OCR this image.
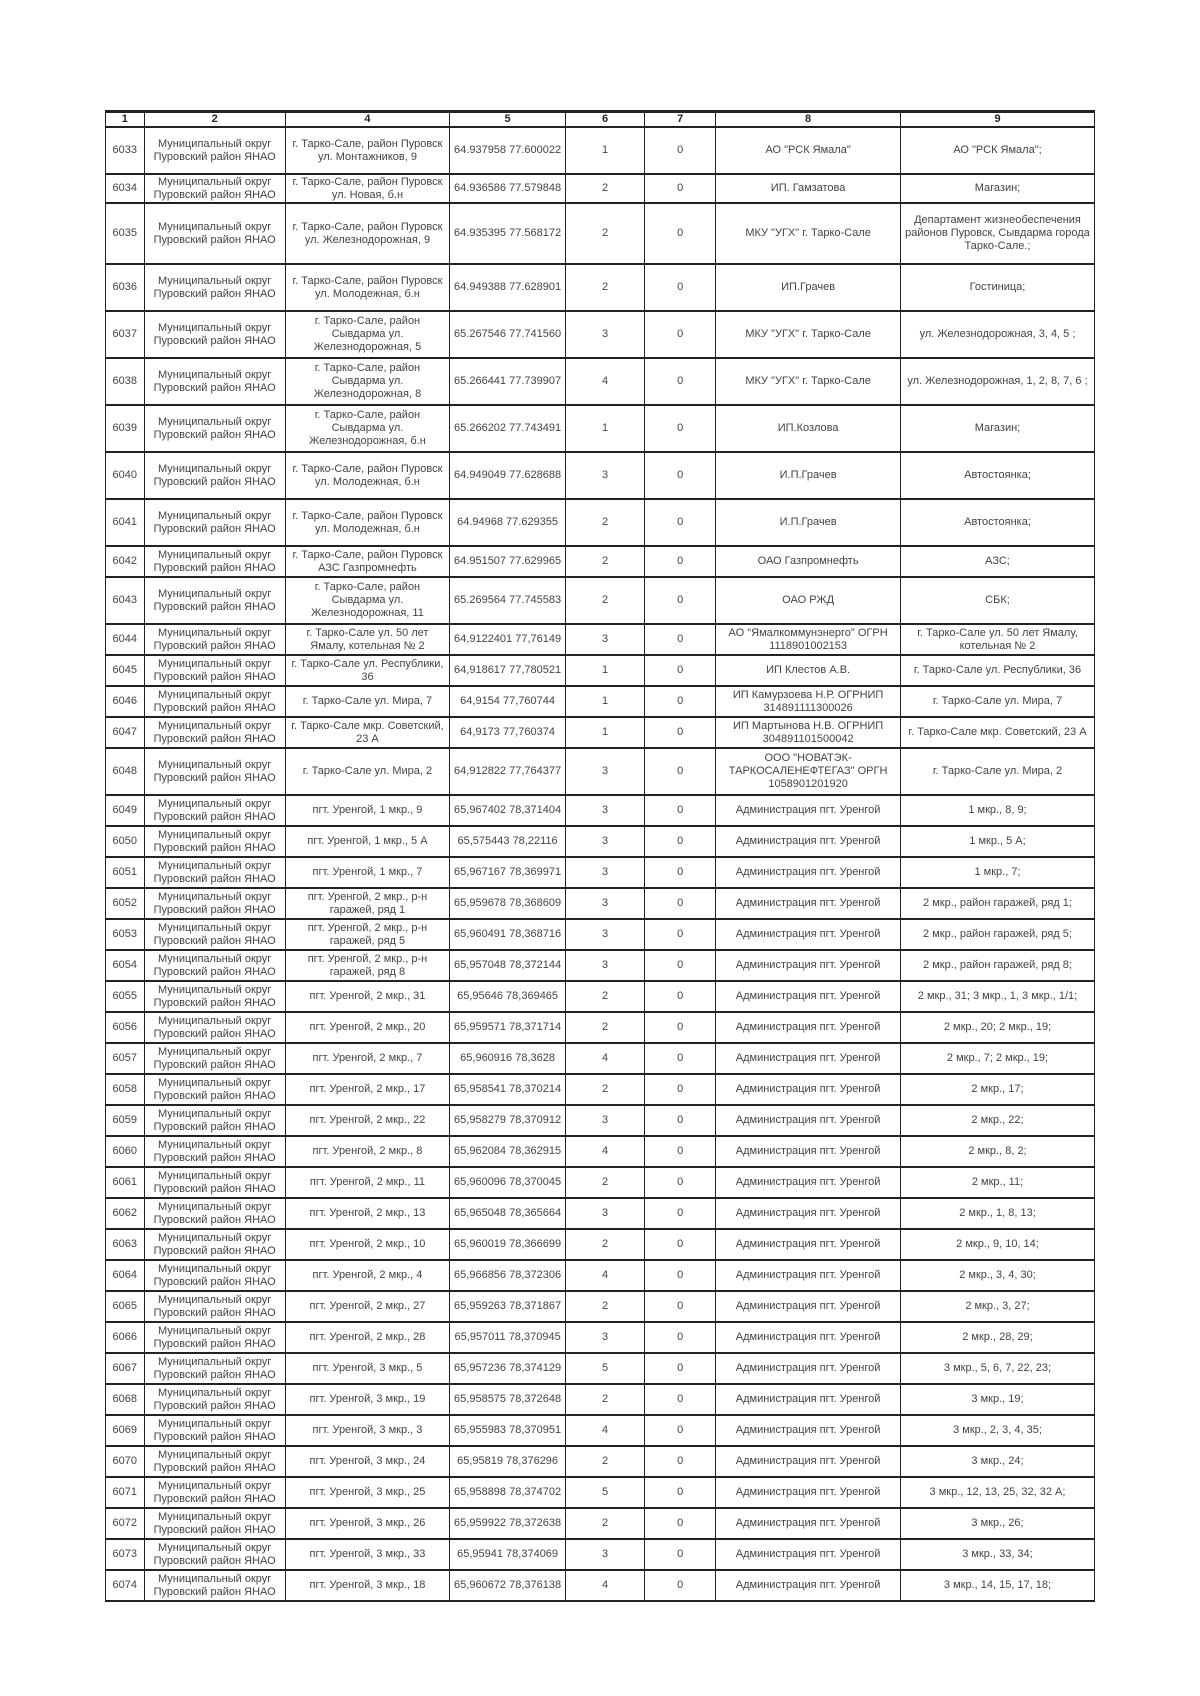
1	2	4	5	6	7	8	9
6033	Муниципальный округ Пуровский район ЯНАО	г. Тарко-Сале, район Пуровск ул. Монтажников, 9	64.937958 77.600022	1	0	АО "РСК Ямала"	АО "РСК Ямала";
6034	Муниципальный округ Пуровский район ЯНАО	г. Тарко-Сале, район Пуровск ул. Новая, б.н	64.936586 77.579848	2	0	ИП. Гамзатова	Магазин;
6035	Муниципальный округ Пуровский район ЯНАО	г. Тарко-Сале, район Пуровск ул. Железнодорожная, 9	64.935395 77.568172	2	0	МКУ "УГХ" г. Тарко-Сале	Департамент жизнеобеспечения районов Пуровск, Сывдарма города Тарко-Сале.;
6036	Муниципальный округ Пуровский район ЯНАО	г. Тарко-Сале, район Пуровск ул. Молодежная, б.н	64.949388 77.628901	2	0	ИП.Грачев	Гостиница;
6037	Муниципальный округ Пуровский район ЯНАО	г. Тарко-Сале, район Сывдарма ул. Железнодорожная, 5	65.267546 77.741560	3	0	МКУ "УГХ" г. Тарко-Сале	ул. Железнодорожная, 3, 4, 5 ;
6038	Муниципальный округ Пуровский район ЯНАО	г. Тарко-Сале, район Сывдарма ул. Железнодорожная, 8	65.266441 77.739907	4	0	МКУ "УГХ" г. Тарко-Сале	ул. Железнодорожная, 1, 2, 8, 7, 6 ;
6039	Муниципальный округ Пуровский район ЯНАО	г. Тарко-Сале, район Сывдарма ул. Железнодорожная, б.н	65.266202 77.743491	1	0	ИП.Козлова	Магазин;
6040	Муниципальный округ Пуровский район ЯНАО	г. Тарко-Сале, район Пуровск ул. Молодежная, б.н	64.949049 77.628688	3	0	И.П.Грачев	Автостоянка;
6041	Муниципальный округ Пуровский район ЯНАО	г. Тарко-Сале, район Пуровск ул. Молодежная, б.н	64.94968 77.629355	2	0	И.П.Грачев	Автостоянка;
6042	Муниципальный округ Пуровский район ЯНАО	г. Тарко-Сале, район Пуровск АЗС Газпромнефть	64.951507 77.629965	2	0	ОАО Газпромнефть	АЗС;
6043	Муниципальный округ Пуровский район ЯНАО	г. Тарко-Сале, район Сывдарма ул. Железнодорожная, 11	65.269564 77.745583	2	0	ОАО РЖД	СБК;
6044	Муниципальный округ Пуровский район ЯНАО	г. Тарко-Сале ул. 50 лет Ямалу, котельная № 2	64,9122401 77,76149	3	0	АО "Ямалкоммунэнерго" ОГРН 1118901002153	г. Тарко-Сале ул. 50 лет Ямалу, котельная № 2
6045	Муниципальный округ Пуровский район ЯНАО	г. Тарко-Сале ул. Республики, 36	64,918617 77,780521	1	0	ИП Клестов А.В.	г. Тарко-Сале ул. Республики, 36
6046	Муниципальный округ Пуровский район ЯНАО	г. Тарко-Сале ул. Мира, 7	64,9154 77,760744	1	0	ИП Камурзоева Н.Р. ОГРНИП 314891111300026	г. Тарко-Сале ул. Мира, 7
6047	Муниципальный округ Пуровский район ЯНАО	г. Тарко-Сале мкр. Советский, 23 А	64,9173 77,760374	1	0	ИП Мартынова Н.В. ОГРНИП 304891101500042	г. Тарко-Сале мкр. Советский, 23 А
6048	Муниципальный округ Пуровский район ЯНАО	г. Тарко-Сале ул. Мира, 2	64,912822 77,764377	3	0	ООО "НОВАТЭК-ТАРКОСАЛЕНЕФТЕГАЗ" ОРГН 1058901201920	г. Тарко-Сале ул. Мира, 2
6049	Муниципальный округ Пуровский район ЯНАО	пгт. Уренгой, 1 мкр., 9	65,967402 78,371404	3	0	Администрация пгт. Уренгой	1 мкр., 8, 9;
6050	Муниципальный округ Пуровский район ЯНАО	пгт. Уренгой, 1 мкр., 5 А	65,575443 78,22116	3	0	Администрация пгт. Уренгой	1 мкр., 5 А;
6051	Муниципальный округ Пуровский район ЯНАО	пгт. Уренгой, 1 мкр., 7	65,967167 78,369971	3	0	Администрация пгт. Уренгой	1 мкр., 7;
6052	Муниципальный округ Пуровский район ЯНАО	пгт. Уренгой, 2 мкр., р-н гаражей, ряд 1	65,959678 78,368609	3	0	Администрация пгт. Уренгой	2 мкр., район гаражей, ряд 1;
6053	Муниципальный округ Пуровский район ЯНАО	пгт. Уренгой, 2 мкр., р-н гаражей, ряд 5	65,960491 78,368716	3	0	Администрация пгт. Уренгой	2 мкр., район гаражей, ряд 5;
6054	Муниципальный округ Пуровский район ЯНАО	пгт. Уренгой, 2 мкр., р-н гаражей, ряд 8	65,957048 78,372144	3	0	Администрация пгт. Уренгой	2 мкр., район гаражей, ряд 8;
6055	Муниципальный округ Пуровский район ЯНАО	пгт. Уренгой, 2 мкр., 31	65,95646 78,369465	2	0	Администрация пгт. Уренгой	2 мкр., 31; 3 мкр., 1, 3 мкр., 1/1;
6056	Муниципальный округ Пуровский район ЯНАО	пгт. Уренгой, 2 мкр., 20	65,959571 78,371714	2	0	Администрация пгт. Уренгой	2 мкр., 20; 2 мкр., 19;
6057	Муниципальный округ Пуровский район ЯНАО	пгт. Уренгой, 2 мкр., 7	65,960916 78,3628	4	0	Администрация пгт. Уренгой	2 мкр., 7; 2 мкр., 19;
6058	Муниципальный округ Пуровский район ЯНАО	пгт. Уренгой, 2 мкр., 17	65,958541 78,370214	2	0	Администрация пгт. Уренгой	2 мкр., 17;
6059	Муниципальный округ Пуровский район ЯНАО	пгт. Уренгой, 2 мкр., 22	65,958279 78,370912	3	0	Администрация пгт. Уренгой	2 мкр., 22;
6060	Муниципальный округ Пуровский район ЯНАО	пгт. Уренгой, 2 мкр., 8	65,962084 78,362915	4	0	Администрация пгт. Уренгой	2 мкр., 8, 2;
6061	Муниципальный округ Пуровский район ЯНАО	пгт. Уренгой, 2 мкр., 11	65,960096 78,370045	2	0	Администрация пгт. Уренгой	2 мкр., 11;
6062	Муниципальный округ Пуровский район ЯНАО	пгт. Уренгой, 2 мкр., 13	65,965048 78,365664	3	0	Администрация пгт. Уренгой	2 мкр., 1, 8, 13;
6063	Муниципальный округ Пуровский район ЯНАО	пгт. Уренгой, 2 мкр., 10	65,960019 78,366699	2	0	Администрация пгт. Уренгой	2 мкр., 9, 10, 14;
6064	Муниципальный округ Пуровский район ЯНАО	пгт. Уренгой, 2 мкр., 4	65,966856 78,372306	4	0	Администрация пгт. Уренгой	2 мкр., 3, 4, 30;
6065	Муниципальный округ Пуровский район ЯНАО	пгт. Уренгой, 2 мкр., 27	65,959263 78,371867	2	0	Администрация пгт. Уренгой	2 мкр., 3, 27;
6066	Муниципальный округ Пуровский район ЯНАО	пгт. Уренгой, 2 мкр., 28	65,957011 78,370945	3	0	Администрация пгт. Уренгой	2 мкр., 28, 29;
6067	Муниципальный округ Пуровский район ЯНАО	пгт. Уренгой, 3 мкр., 5	65,957236 78,374129	5	0	Администрация пгт. Уренгой	3 мкр., 5, 6, 7, 22, 23;
6068	Муниципальный округ Пуровский район ЯНАО	пгт. Уренгой, 3 мкр., 19	65,958575 78,372648	2	0	Администрация пгт. Уренгой	3 мкр., 19;
6069	Муниципальный округ Пуровский район ЯНАО	пгт. Уренгой, 3 мкр., 3	65,955983 78,370951	4	0	Администрация пгт. Уренгой	3 мкр., 2, 3, 4, 35;
6070	Муниципальный округ Пуровский район ЯНАО	пгт. Уренгой, 3 мкр., 24	65,95819 78,376296	2	0	Администрация пгт. Уренгой	3 мкр., 24;
6071	Муниципальный округ Пуровский район ЯНАО	пгт. Уренгой, 3 мкр., 25	65,958898 78,374702	5	0	Администрация пгт. Уренгой	3 мкр., 12, 13, 25, 32, 32 А;
6072	Муниципальный округ Пуровский район ЯНАО	пгт. Уренгой, 3 мкр., 26	65,959922 78,372638	2	0	Администрация пгт. Уренгой	3 мкр., 26;
6073	Муниципальный округ Пуровский район ЯНАО	пгт. Уренгой, 3 мкр., 33	65,95941 78,374069	3	0	Администрация пгт. Уренгой	3 мкр., 33, 34;
6074	Муниципальный округ Пуровский район ЯНАО	пгт. Уренгой, 3 мкр., 18	65,960672 78,376138	4	0	Администрация пгт. Уренгой	3 мкр., 14, 15, 17, 18;
